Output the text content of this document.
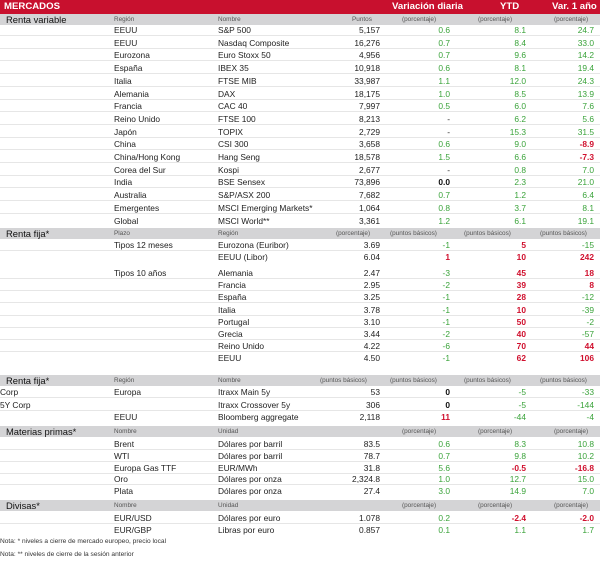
MERCADOS	Variación diaria	YTD	Var. 1 año
Renta variable	Región	Nombre	Puntos	(porcentaje)	(porcentaje)	(porcentaje)
EEUU	S&P 500	5,157	0.6	8.1	24.7
EEUU	Nasdaq Composite	16,276	0.7	8.4	33.0
Eurozona	Euro Stoxx 50	4,956	0.7	9.6	14.2
España	IBEX 35	10,918	0.6	8.1	19.4
Italia	FTSE MIB	33,987	1.1	12.0	24.3
Alemania	DAX	18,175	1.0	8.5	13.9
Francia	CAC 40	7,997	0.5	6.0	7.6
Reino Unido	FTSE 100	8,213	-	6.2	5.6
Japón	TOPIX	2,729	-	15.3	31.5
China	CSI 300	3,658	0.6	9.0	-8.9
China/Hong Kong	Hang Seng	18,578	1.5	6.6	-7.3
Corea del Sur	Kospi	2,677	-	0.8	7.0
India	BSE Sensex	73,896	0.0	2.3	21.0
Australia	S&P/ASX 200	7,682	0.7	1.2	6.4
Emergentes	MSCI Emerging Markets*	1,064	0.8	3.7	8.1
Global	MSCI World**	3,361	1.2	6.1	19.1
Renta fija*	Plazo	Región	(porcentaje)	(puntos básicos)	(puntos básicos)	(puntos básicos)
Tipos 12 meses	Eurozona (Euribor)	3.69	-1	5	-15
EEUU (Libor)	6.04	1	10	242
Tipos 10 años	Alemania	2.47	-3	45	18
Francia	2.95	-2	39	8
España	3.25	-1	28	-12
Italia	3.78	-1	10	-39
Portugal	3.10	-1	50	-2
Grecia	3.44	-2	40	-57
Reino Unido	4.22	-6	70	44
EEUU	4.50	-1	62	106
Renta fija*	Región	Nombre	(puntos básicos)	(puntos básicos)	(puntos básicos)	(puntos básicos)
Corp	Europa	Itraxx Main 5y	53	0	-5	-33
5Y Corp	Itraxx Crossover 5y	306	0	-5	-144
EEUU	Bloomberg aggregate	2,118	11	-44	-4
Materias primas*	Nombre	Unidad	(porcentaje)	(porcentaje)	(porcentaje)
Brent	Dólares por barril	83.5	0.6	8.3	10.8
WTI	Dólares por barril	78.7	0.7	9.8	10.2
Europa Gas TTF	EUR/MWh	31.8	5.6	-0.5	-16.8
Oro	Dólares por onza	2,324.8	1.0	12.7	15.0
Plata	Dólares por onza	27.4	3.0	14.9	7.0
Divisas*	Nombre	Unidad	(porcentaje)	(porcentaje)	(porcentaje)
EUR/USD	Dólares por euro	1.078	0.2	-2.4	-2.0
EUR/GBP	Libras por euro	0.857	0.1	1.1	1.7
Nota: * niveles a cierre de mercado europeo, precio local
Nota: ** niveles de cierre de la sesión anterior
